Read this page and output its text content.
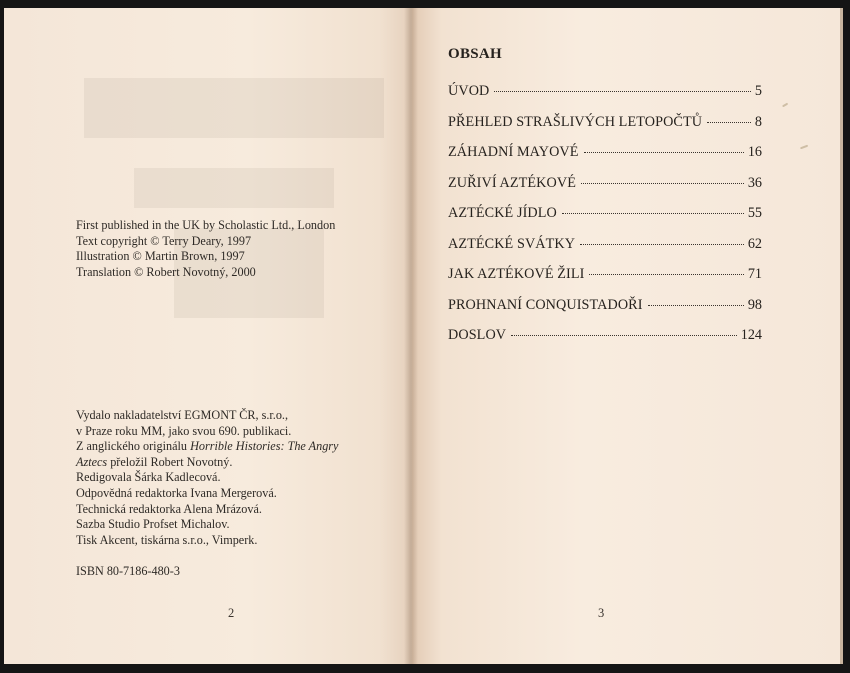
First published in the UK by Scholastic Ltd., London
Text copyright © Terry Deary, 1997
Illustration © Martin Brown, 1997
Translation © Robert Novotný, 2000
Vydalo nakladatelství EGMONT ČR, s.r.o.,
v Praze roku MM, jako svou 690. publikaci.
Z anglického originálu Horrible Histories: The Angry
Aztecs přeložil Robert Novotný.
Redigovala Šárka Kadlecová.
Odpovědná redaktorka Ivana Mergerová.
Technická redaktorka Alena Mrázová.
Sazba Studio Profset Michalov.
Tisk Akcent, tiskárna s.r.o., Vimperk.
ISBN 80-7186-480-3
2
OBSAH
ÚVOD	5
PŘEHLED STRAŠLIVÝCH LETOPOČTŮ	8
ZÁHADNÍ MAYOVÉ	16
ZUŘIVÍ AZTÉKOVÉ	36
AZTÉCKÉ JÍDLO	55
AZTÉCKÉ SVÁTKY	62
JAK AZTÉKOVÉ ŽILI	71
PROHNANÍ CONQUISTADOŘI	98
DOSLOV	124
3
